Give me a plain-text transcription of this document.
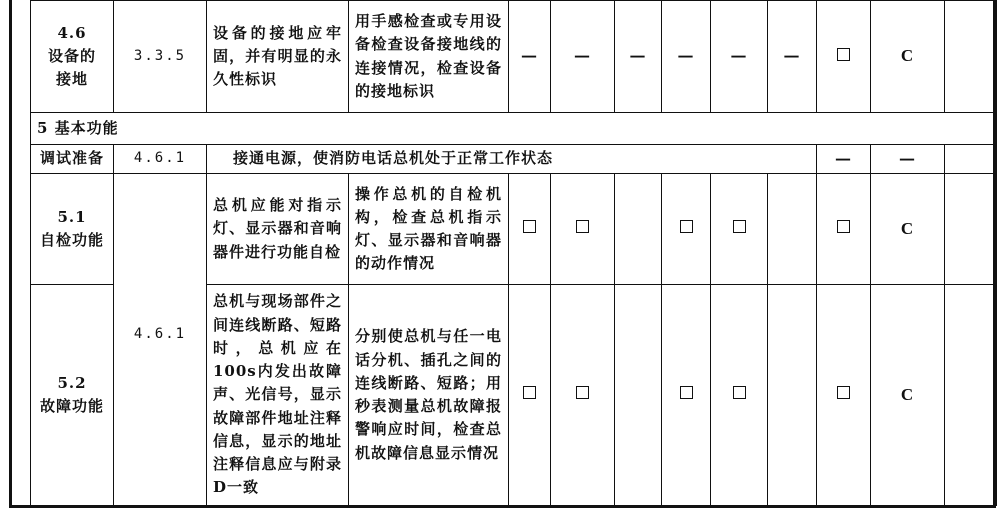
4.6
设备的
接地	3.3.5	设备的接地应牢固，并有明显的永久性标识	用手感检查或专用设备检查设备接地线的连接情况，检查设备的接地标识	—	—	—	—	—	—		C	
5 基本功能												
调试准备	4.6.1	接通电源，使消防电话总机处于正常工作状态								—	—	
5.1
自检功能	4.6.1	总机应能对指示灯、显示器和音响器件进行功能自检	操作总机的自检机构，检查总机指示灯、显示器和音响器的动作情况								C	
5.2
故障功能		总机与现场部件之间连线断路、短路时，总机应在100s内发出故障声、光信号，显示故障部件地址注释信息，显示的地址注释信息应与附录D一致	分别使总机与任一电话分机、插孔之间的连线断路、短路；用秒表测量总机故障报警响应时间，检查总机故障信息显示情况								C	
